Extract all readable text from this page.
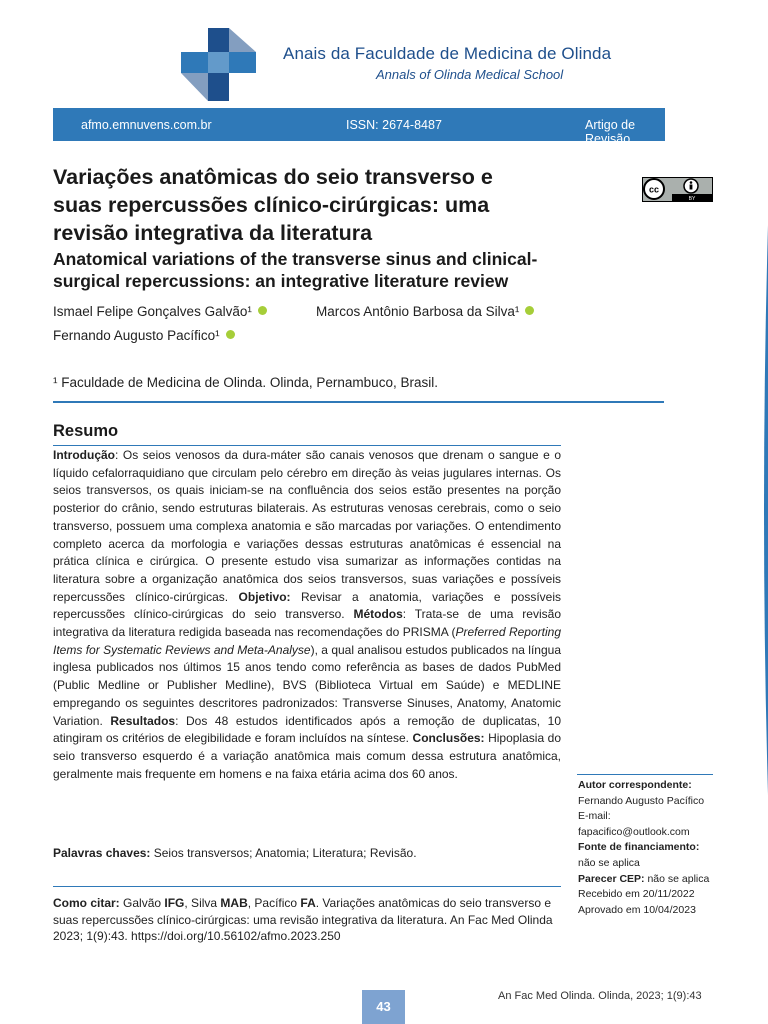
Anais da Faculdade de Medicina de Olinda
Annals of Olinda Medical School
afmo.emnuvens.com.br	ISSN: 2674-8487	Artigo de Revisão
Variações anatômicas do seio transverso e
suas repercussões clínico-cirúrgicas: uma
revisão integrativa da literatura
Anatomical variations of the transverse sinus and clinical-
surgical repercussions: an integrative literature review
cc
BY
Ismael Felipe Gonçalves Galvão¹	Marcos Antônio Barbosa da Silva¹
Fernando Augusto Pacífico¹
¹ Faculdade de Medicina de Olinda. Olinda, Pernambuco, Brasil.
Resumo
Introdução: Os seios venosos da dura-máter são canais venosos que drenam o sangue e o líquido cefalorraquidiano que circulam pelo cérebro em direção às veias jugulares internas. Os seios transversos, os quais iniciam-se na confluência dos seios estão presentes na porção posterior do crânio, sendo estruturas bilaterais. As estruturas venosas cerebrais, como o seio transverso, possuem uma complexa anatomia e são marcadas por variações. O entendimento completo acerca da morfologia e variações dessas estruturas anatômicas é essencial na prática clínica e cirúrgica. O presente estudo visa sumarizar as informações contidas na literatura sobre a organização anatômica dos seios transversos, suas variações e possíveis repercussões clínico-cirúrgicas. Objetivo: Revisar a anatomia, variações e possíveis repercussões clínico-cirúrgicas do seio transverso. Métodos: Trata-se de uma revisão integrativa da literatura redigida baseada nas recomendações do PRISMA (Preferred Reporting Items for Systematic Reviews and Meta-Analyse), a qual analisou estudos publicados na língua inglesa publicados nos últimos 15 anos tendo como referência as bases de dados PubMed (Public Medline or Publisher Medline), BVS (Biblioteca Virtual em Saúde) e MEDLINE empregando os seguintes descritores padronizados: Transverse Sinuses, Anatomy, Anatomic Variation. Resultados: Dos 48 estudos identificados após a remoção de duplicatas, 10 atingiram os critérios de elegibilidade e foram incluídos na síntese. Conclusões: Hipoplasia do seio transverso esquerdo é a variação anatômica mais comum dessa estrutura anatômica, geralmente mais frequente em homens e na faixa etária acima dos 60 anos.
Palavras chaves: Seios transversos; Anatomia; Literatura; Revisão.
Como citar: Galvão IFG, Silva MAB, Pacífico FA. Variações anatômicas do seio transverso e suas repercussões clínico-cirúrgicas: uma revisão integrativa da literatura. An Fac Med Olinda 2023; 1(9):43. https://doi.org/10.56102/afmo.2023.250
Autor correspondente:
Fernando Augusto Pacífico
E-mail:
fapacifico@outlook.com
Fonte de financiamento:
não se aplica
Parecer CEP: não se aplica
Recebido em 20/11/2022
Aprovado em 10/04/2023
43
An Fac Med Olinda. Olinda, 2023; 1(9):43
